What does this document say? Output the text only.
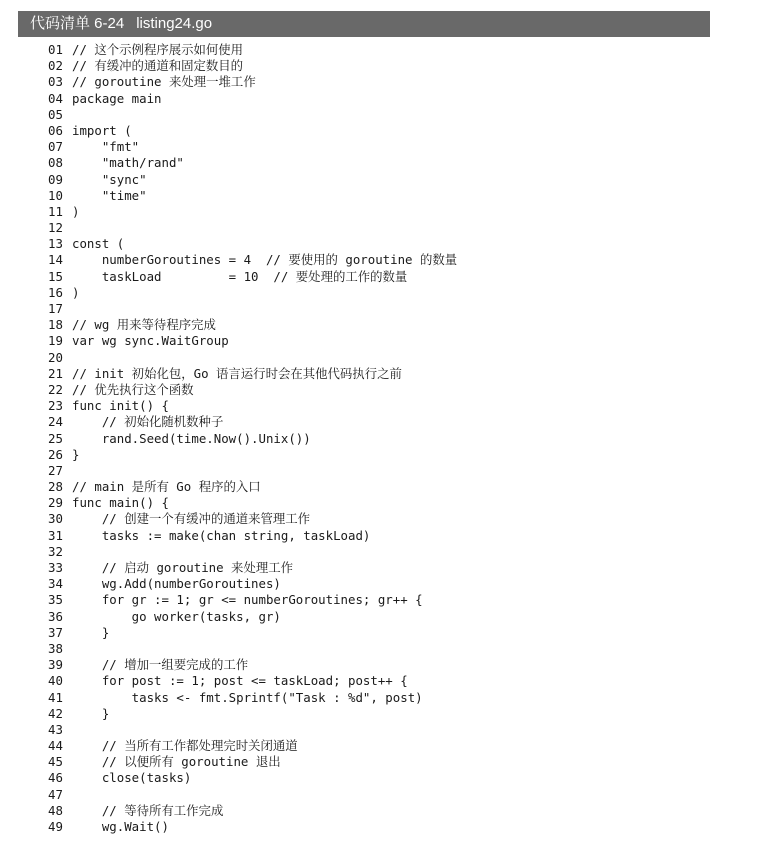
代码清单 6-24 listing24.go
01 // 这个示例程序展示如何使用
02 // 有缓冲的通道和固定数目的
03 // goroutine 来处理一堆工作
04 package main
05
06 import (
07 "fmt"
08 "math/rand"
09 "sync"
10 "time"
11 )
12
13 const (
14 numberGoroutines = 4  // 要使用的 goroutine 的数量
15 taskLoad         = 10  // 要处理的工作的数量
16 )
17
18 // wg 用来等待程序完成
19 var wg sync.WaitGroup
20
21 // init 初始化包，Go 语言运行时会在其他代码执行之前
22 // 优先执行这个函数
23 func init() {
24 // 初始化随机数种子
25 rand.Seed(time.Now().Unix())
26 }
27
28 // main 是所有 Go 程序的入口
29 func main() {
30 // 创建一个有缓冲的通道来管理工作
31 tasks := make(chan string, taskLoad)
32
33 // 启动 goroutine 来处理工作
34 wg.Add(numberGoroutines)
35 for gr := 1; gr <= numberGoroutines; gr++ {
36 go worker(tasks, gr)
37 }
38
39 // 增加一组要完成的工作
40 for post := 1; post <= taskLoad; post++ {
41 tasks <- fmt.Sprintf("Task : %d", post)
42 }
43
44 // 当所有工作都处理完时关闭通道
45 // 以便所有 goroutine 退出
46 close(tasks)
47
48 // 等待所有工作完成
49 wg.Wait()
